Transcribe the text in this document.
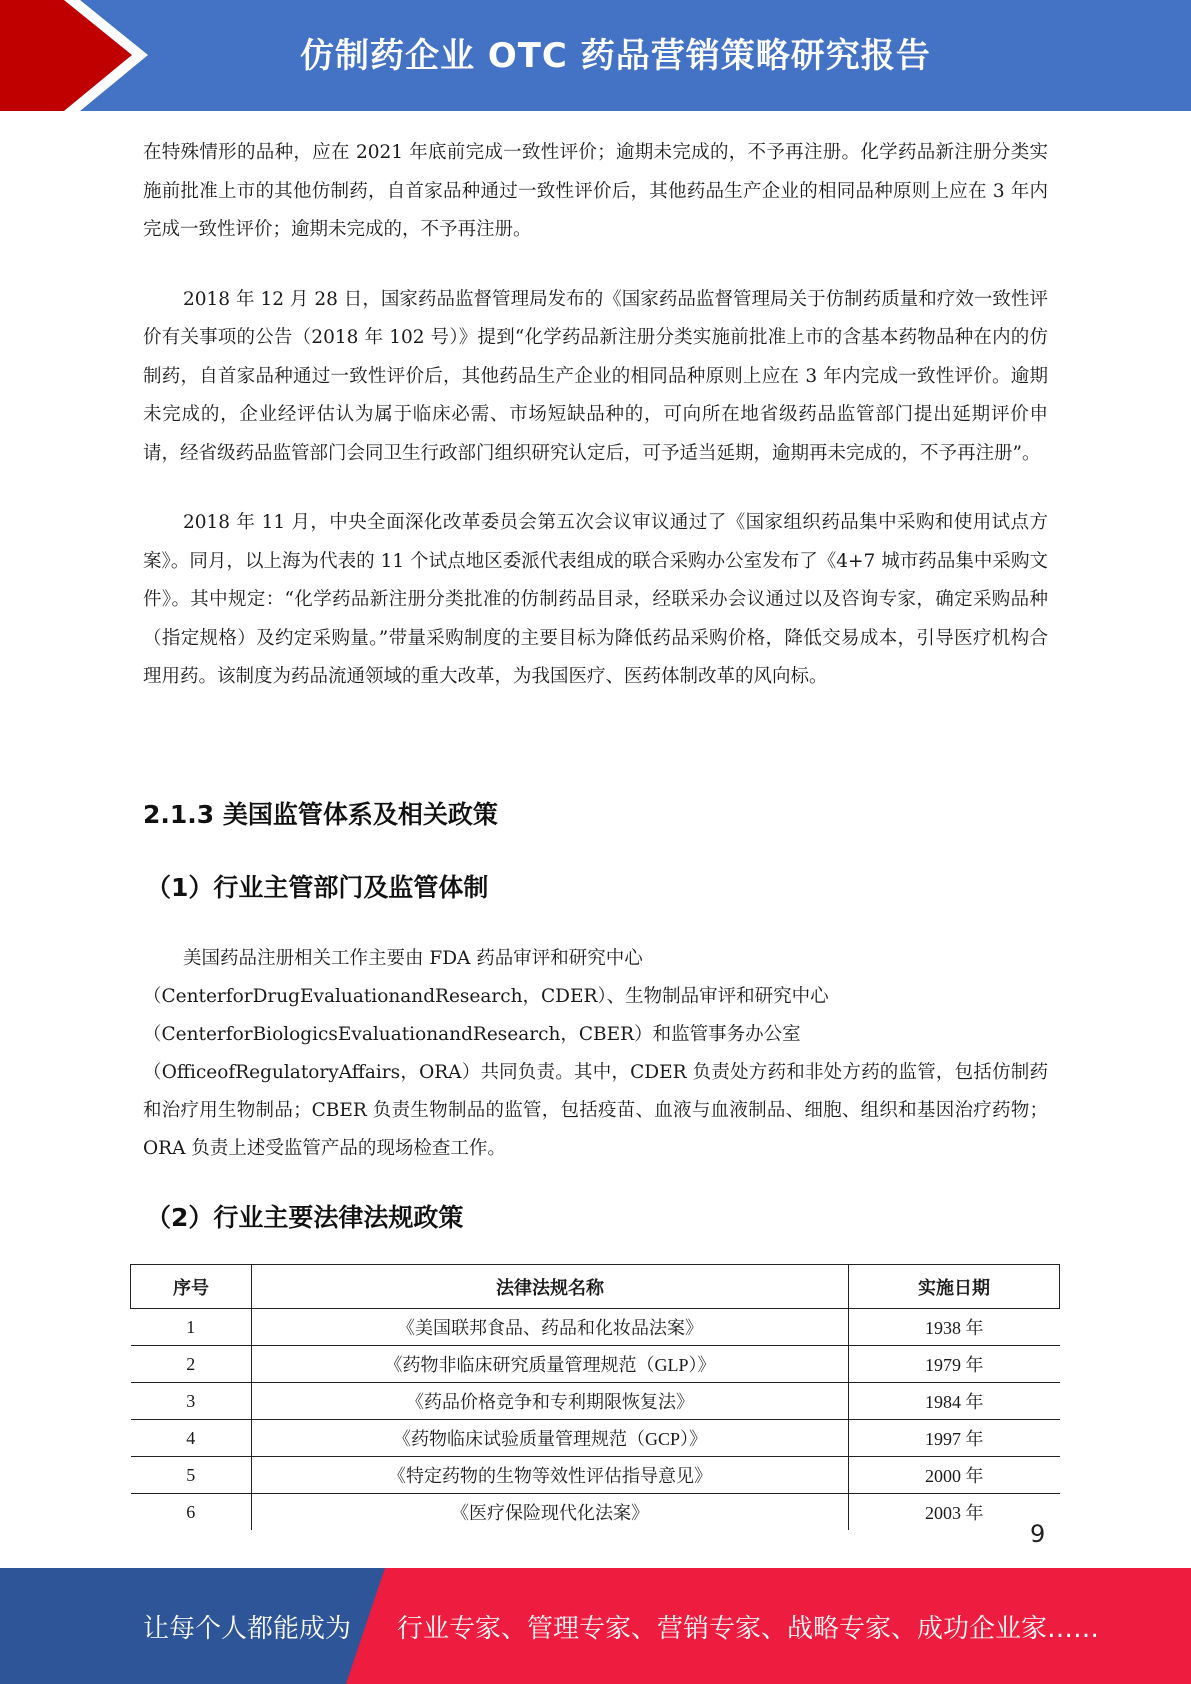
仿制药企业 OTC 药品营销策略研究报告

在特殊情形的品种，应在 2021 年底前完成一致性评价；逾期未完成的，不予再注册。化学药品新注册分类实施前批准上市的其他仿制药，自首家品种通过一致性评价后，其他药品生产企业的相同品种原则上应在 3 年内完成一致性评价；逾期未完成的，不予再注册。

2018 年 12 月 28 日，国家药品监督管理局发布的《国家药品监督管理局关于仿制药质量和疗效一致性评价有关事项的公告（2018 年 102 号）》提到“化学药品新注册分类实施前批准上市的含基本药物品种在内的仿制药，自首家品种通过一致性评价后，其他药品生产企业的相同品种原则上应在 3 年内完成一致性评价。逾期未完成的，企业经评估认为属于临床必需、市场短缺品种的，可向所在地省级药品监管部门提出延期评价申请，经省级药品监管部门会同卫生行政部门组织研究认定后，可予适当延期，逾期再未完成的，不予再注册”。

2018 年 11 月，中央全面深化改革委员会第五次会议审议通过了《国家组织药品集中采购和使用试点方案》。同月，以上海为代表的 11 个试点地区委派代表组成的联合采购办公室发布了《4+7 城市药品集中采购文件》。其中规定：“化学药品新注册分类批准的仿制药品目录，经联采办会议通过以及咨询专家，确定采购品种（指定规格）及约定采购量。”带量采购制度的主要目标为降低药品采购价格，降低交易成本，引导医疗机构合理用药。该制度为药品流通领域的重大改革，为我国医疗、医药体制改革的风向标。

2.1.3 美国监管体系及相关政策
（1）行业主管部门及监管体制

美国药品注册相关工作主要由 FDA 药品审评和研究中心

（CenterforDrugEvaluationandResearch，CDER）、生物制品审评和研究中心

（CenterforBiologicsEvaluationandResearch，CBER）和监管事务办公室

（OfficeofRegulatoryAffairs，ORA）共同负责。其中，CDER 负责处方药和非处方药的监管，包括仿制药和治疗用生物制品；CBER 负责生物制品的监管，包括疫苗、血液与血液制品、细胞、组织和基因治疗药物；ORA 负责上述受监管产品的现场检查工作。

（2）行业主要法律法规政策
序号	法律法规名称	实施日期
1	《美国联邦食品、药品和化妆品法案》	1938 年
2	《药物非临床研究质量管理规范（GLP）》	1979 年
3	《药品价格竞争和专利期限恢复法》	1984 年
4	《药物临床试验质量管理规范（GCP）》	1997 年
5	《特定药物的生物等效性评估指导意见》	2000 年
6	《医疗保险现代化法案》	2003 年
9
让每个人都能成为 行业专家、管理专家、营销专家、战略专家、成功企业家……
